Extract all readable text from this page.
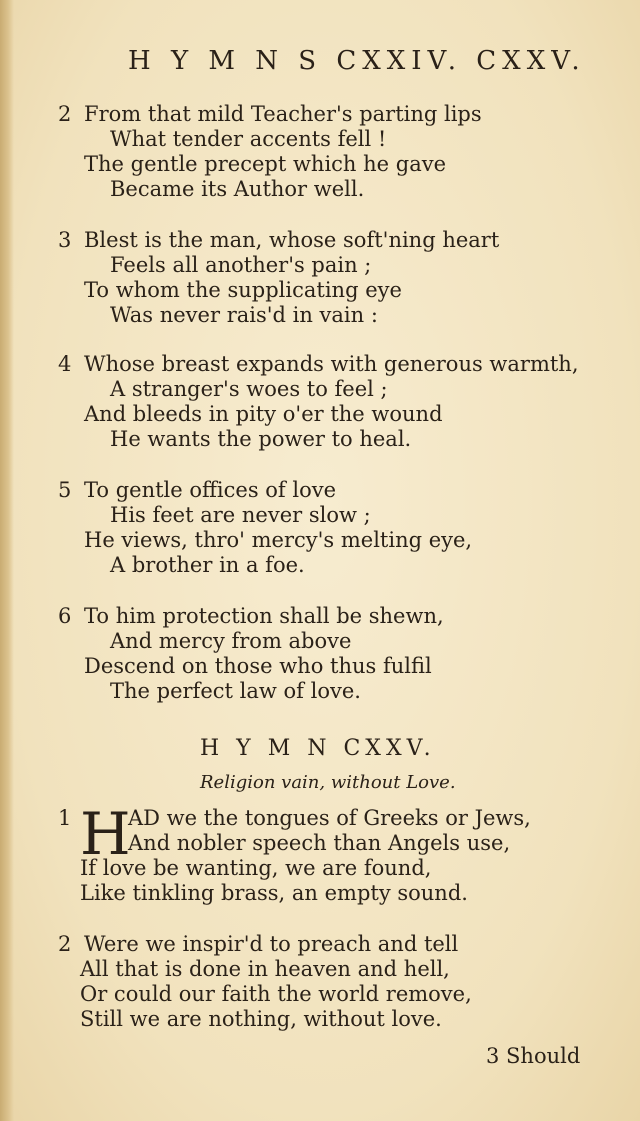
H Y M N S CXXIV. CXXV.
2 From that mild Teacher's parting lips
What tender accents fell !
The gentle precept which he gave
Became its Author well.
3 Blest is the man, whose soft'ning heart
Feels all another's pain ;
To whom the supplicating eye
Was never rais'd in vain :
4 Whose breast expands with generous warmth,
A stranger's woes to feel ;
And bleeds in pity o'er the wound
He wants the power to heal.
5 To gentle offices of love
His feet are never slow ;
He views, thro' mercy's melting eye,
A brother in a foe.
6 To him protection shall be shewn,
And mercy from above
Descend on those who thus fulfil
The perfect law of love.
H Y M N CXXV.
Religion vain, without Love.
H
1	AD we the tongues of Greeks or Jews,
And nobler speech than Angels use,
If love be wanting, we are found,
Like tinkling brass, an empty sound.
2 Were we inspir'd to preach and tell
All that is done in heaven and hell,
Or could our faith the world remove,
Still we are nothing, without love.
3 Should
